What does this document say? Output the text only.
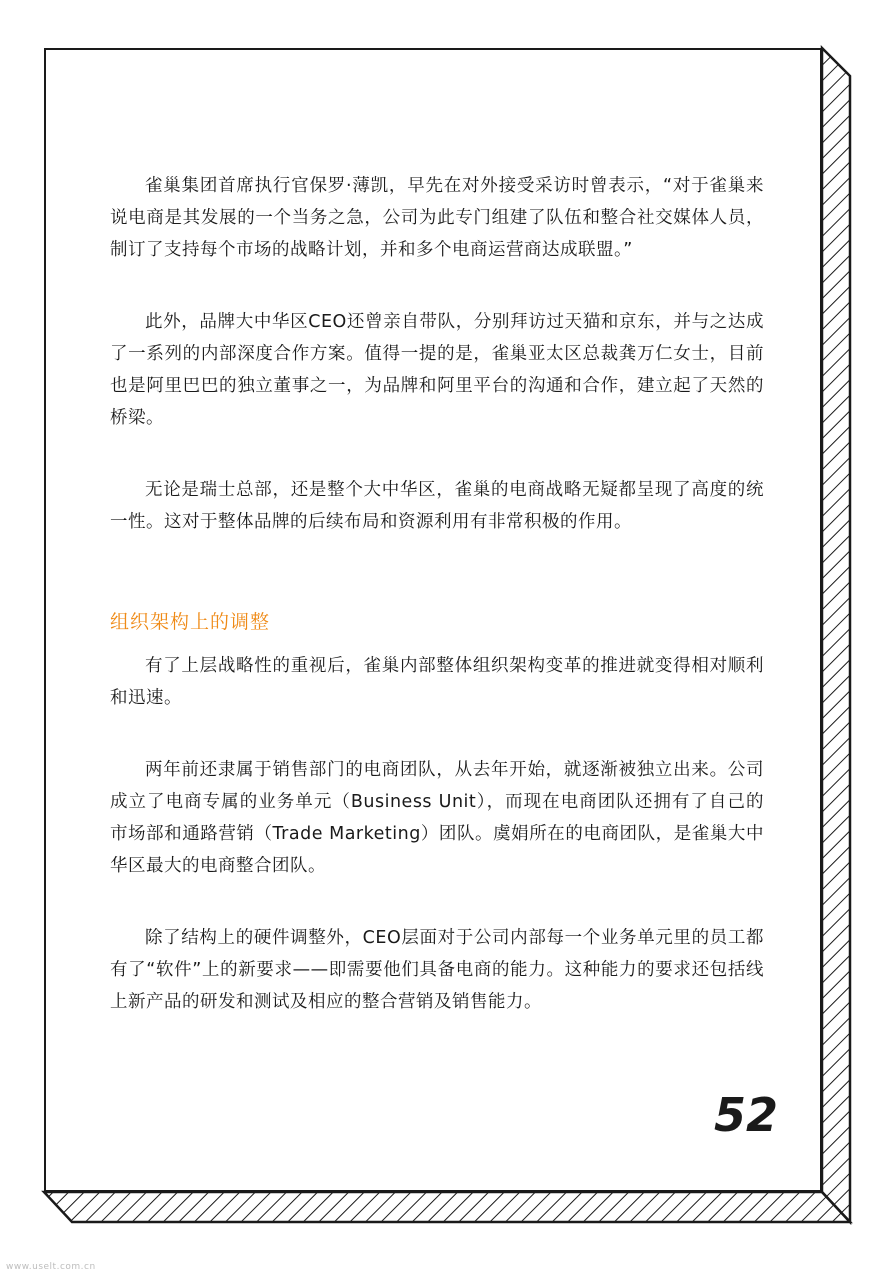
雀巢集团首席执行官保罗·薄凯，早先在对外接受采访时曾表示，“对于雀巢来说电商是其发展的一个当务之急，公司为此专门组建了队伍和整合社交媒体人员，制订了支持每个市场的战略计划，并和多个电商运营商达成联盟。”

此外，品牌大中华区CEO还曾亲自带队，分别拜访过天猫和京东，并与之达成了一系列的内部深度合作方案。值得一提的是，雀巢亚太区总裁龚万仁女士，目前也是阿里巴巴的独立董事之一，为品牌和阿里平台的沟通和合作，建立起了天然的桥梁。

无论是瑞士总部，还是整个大中华区，雀巢的电商战略无疑都呈现了高度的统一性。这对于整体品牌的后续布局和资源利用有非常积极的作用。

组织架构上的调整

有了上层战略性的重视后，雀巢内部整体组织架构变革的推进就变得相对顺利和迅速。

两年前还隶属于销售部门的电商团队，从去年开始，就逐渐被独立出来。公司成立了电商专属的业务单元（Business Unit），而现在电商团队还拥有了自己的市场部和通路营销（Trade Marketing）团队。虞娟所在的电商团队，是雀巢大中华区最大的电商整合团队。

除了结构上的硬件调整外，CEO层面对于公司内部每一个业务单元里的员工都有了“软件”上的新要求——即需要他们具备电商的能力。这种能力的要求还包括线上新产品的研发和测试及相应的整合营销及销售能力。

52
www.uselt.com.cn
